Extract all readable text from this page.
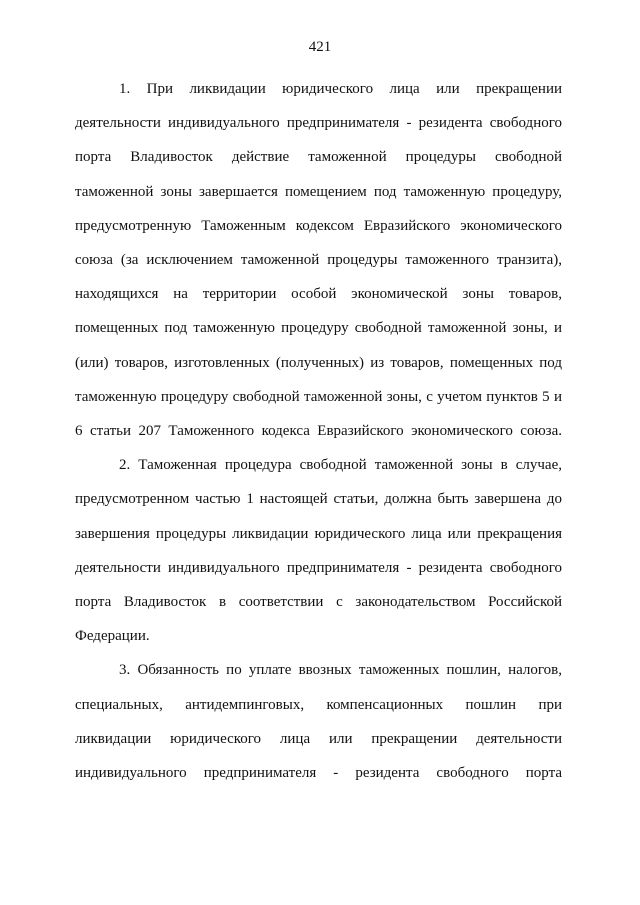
421
1. При ликвидации юридического лица или прекращении
деятельности индивидуального предпринимателя - резидента свободного
порта Владивосток действие таможенной процедуры свободной
таможенной зоны завершается помещением под таможенную процедуру,
предусмотренную Таможенным кодексом Евразийского экономического
союза (за исключением таможенной процедуры таможенного транзита),
находящихся на территории особой экономической зоны товаров,
помещенных под таможенную процедуру свободной таможенной зоны, и
(или) товаров, изготовленных (полученных) из товаров, помещенных под
таможенную процедуру свободной таможенной зоны, с учетом пунктов 5 и
6 статьи 207 Таможенного кодекса Евразийского экономического союза.
2. Таможенная процедура свободной таможенной зоны в случае,
предусмотренном частью 1 настоящей статьи, должна быть завершена до
завершения процедуры ликвидации юридического лица или прекращения
деятельности индивидуального предпринимателя - резидента свободного
порта Владивосток в соответствии с законодательством Российской
Федерации.
3. Обязанность по уплате ввозных таможенных пошлин, налогов,
специальных, антидемпинговых, компенсационных пошлин при
ликвидации юридического лица или прекращении деятельности
индивидуального предпринимателя - резидента свободного порта
